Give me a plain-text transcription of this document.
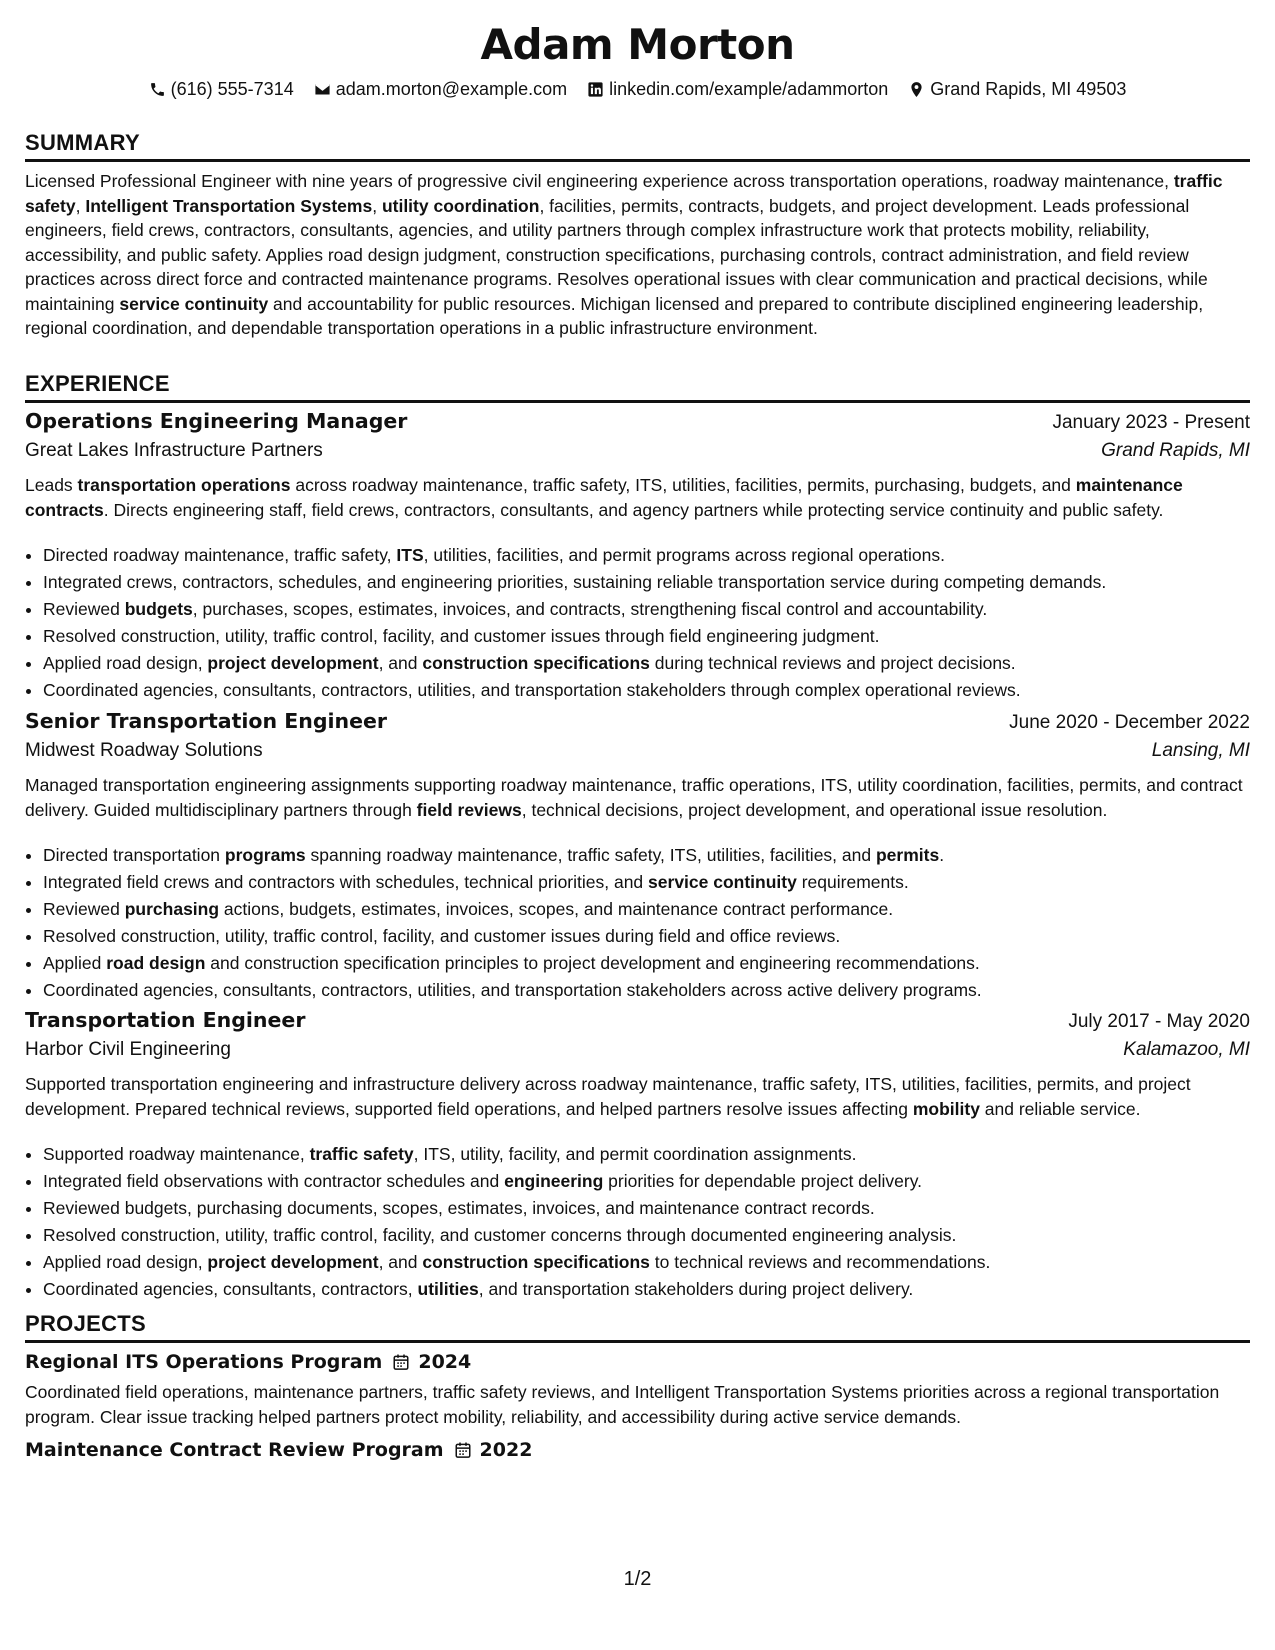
Adam Morton
(616) 555-7314 adam.morton@example.com linkedin.com/example/adammorton Grand Rapids, MI 49503
SUMMARY

Licensed Professional Engineer with nine years of progressive civil engineering experience across transportation operations, roadway maintenance, traffic safety, Intelligent Transportation Systems, utility coordination, facilities, permits, contracts, budgets, and project development. Leads professional engineers, field crews, contractors, consultants, agencies, and utility partners through complex infrastructure work that protects mobility, reliability, accessibility, and public safety. Applies road design judgment, construction specifications, purchasing controls, contract administration, and field review practices across direct force and contracted maintenance programs. Resolves operational issues with clear communication and practical decisions, while maintaining service continuity and accountability for public resources. Michigan licensed and prepared to contribute disciplined engineering leadership, regional coordination, and dependable transportation operations in a public infrastructure environment.

EXPERIENCE
Operations Engineering Manager	January 2023 - Present
Great Lakes Infrastructure Partners	Grand Rapids, MI

Leads transportation operations across roadway maintenance, traffic safety, ITS, utilities, facilities, permits, purchasing, budgets, and maintenance contracts. Directs engineering staff, field crews, contractors, consultants, and agency partners while protecting service continuity and public safety.

• Directed roadway maintenance, traffic safety, ITS, utilities, facilities, and permit programs across regional operations.
• Integrated crews, contractors, schedules, and engineering priorities, sustaining reliable transportation service during competing demands.
• Reviewed budgets, purchases, scopes, estimates, invoices, and contracts, strengthening fiscal control and accountability.
• Resolved construction, utility, traffic control, facility, and customer issues through field engineering judgment.
• Applied road design, project development, and construction specifications during technical reviews and project decisions.
• Coordinated agencies, consultants, contractors, utilities, and transportation stakeholders through complex operational reviews.
Senior Transportation Engineer	June 2020 - December 2022
Midwest Roadway Solutions	Lansing, MI

Managed transportation engineering assignments supporting roadway maintenance, traffic operations, ITS, utility coordination, facilities, permits, and contract delivery. Guided multidisciplinary partners through field reviews, technical decisions, project development, and operational issue resolution.

• Directed transportation programs spanning roadway maintenance, traffic safety, ITS, utilities, facilities, and permits.
• Integrated field crews and contractors with schedules, technical priorities, and service continuity requirements.
• Reviewed purchasing actions, budgets, estimates, invoices, scopes, and maintenance contract performance.
• Resolved construction, utility, traffic control, facility, and customer issues during field and office reviews.
• Applied road design and construction specification principles to project development and engineering recommendations.
• Coordinated agencies, consultants, contractors, utilities, and transportation stakeholders across active delivery programs.
Transportation Engineer	July 2017 - May 2020
Harbor Civil Engineering	Kalamazoo, MI

Supported transportation engineering and infrastructure delivery across roadway maintenance, traffic safety, ITS, utilities, facilities, permits, and project development. Prepared technical reviews, supported field operations, and helped partners resolve issues affecting mobility and reliable service.

• Supported roadway maintenance, traffic safety, ITS, utility, facility, and permit coordination assignments.
• Integrated field observations with contractor schedules and engineering priorities for dependable project delivery.
• Reviewed budgets, purchasing documents, scopes, estimates, invoices, and maintenance contract records.
• Resolved construction, utility, traffic control, facility, and customer concerns through documented engineering analysis.
• Applied road design, project development, and construction specifications to technical reviews and recommendations.
• Coordinated agencies, consultants, contractors, utilities, and transportation stakeholders during project delivery.
PROJECTS
Regional ITS Operations Program 2024

Coordinated field operations, maintenance partners, traffic safety reviews, and Intelligent Transportation Systems priorities across a regional transportation program. Clear issue tracking helped partners protect mobility, reliability, and accessibility during active service demands.

Maintenance Contract Review Program 2022
1/2
